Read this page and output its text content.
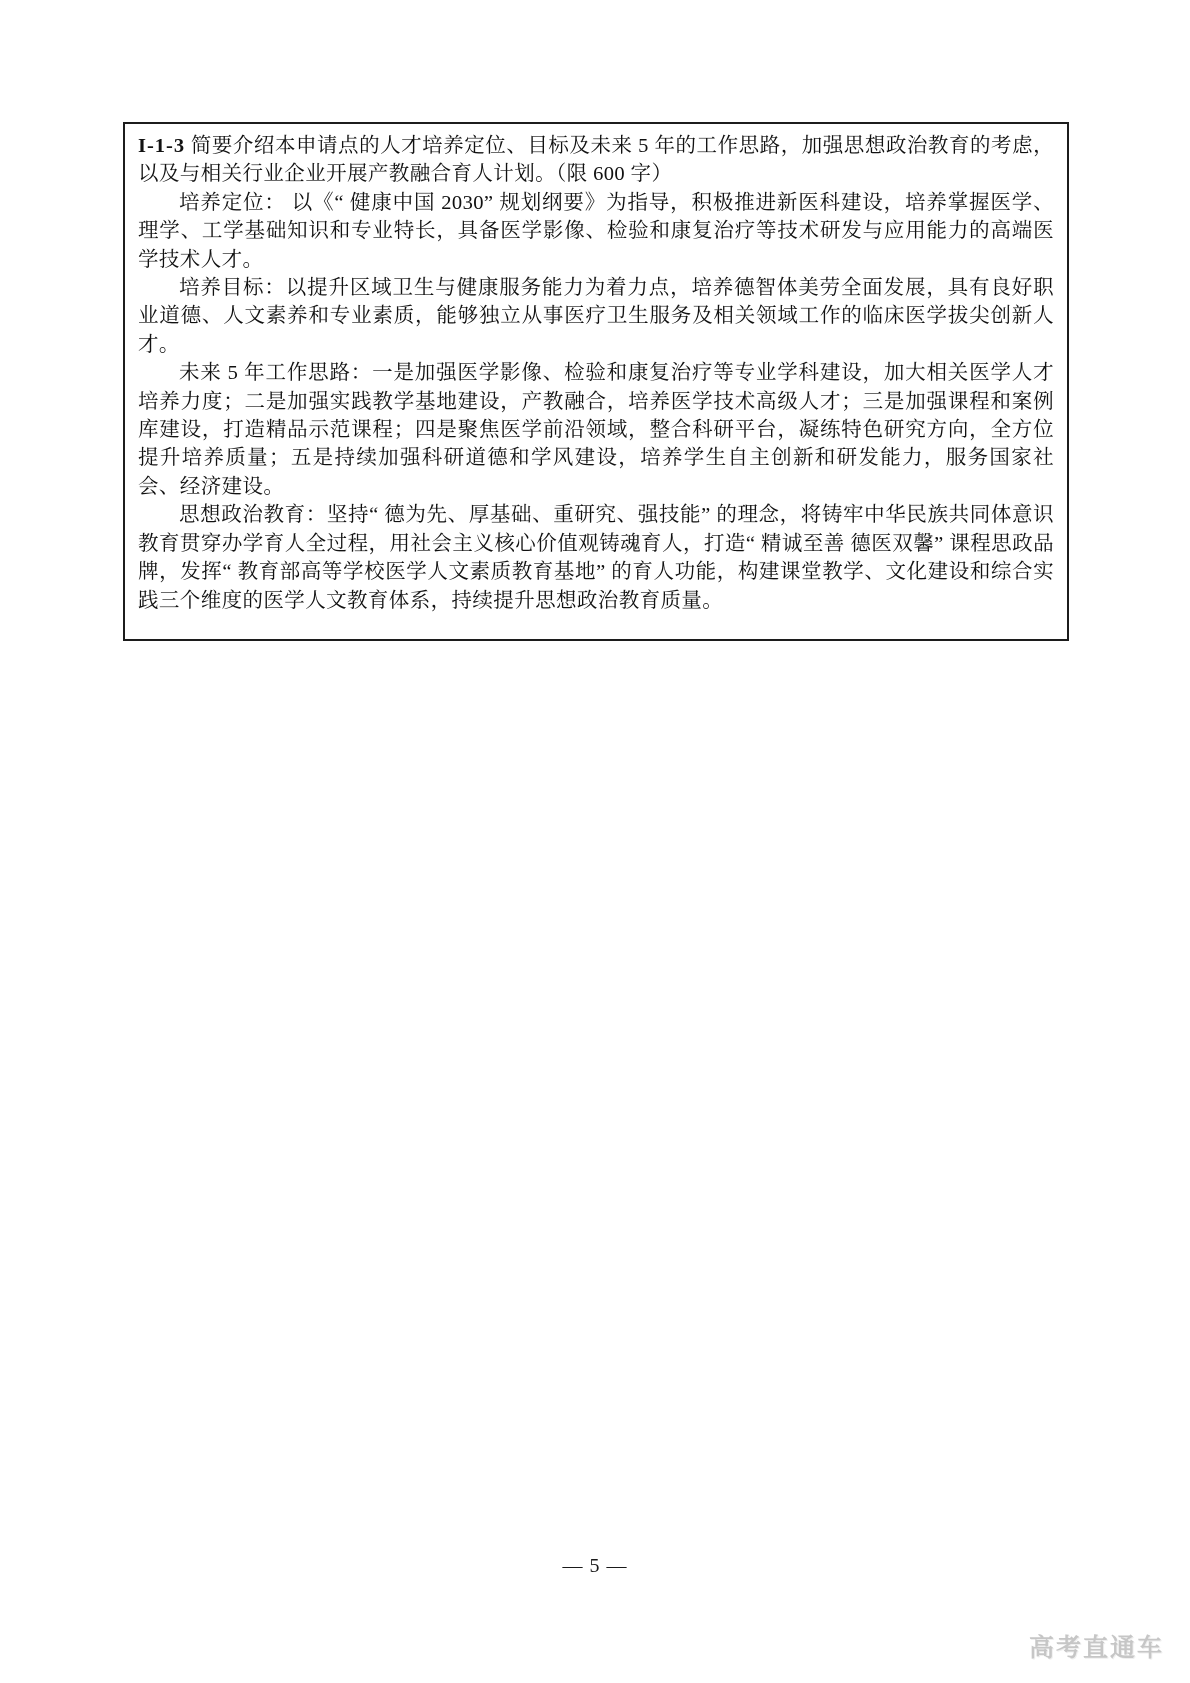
I-1-3 简要介绍本申请点的人才培养定位、目标及未来 5 年的工作思路，加强思想政治教育的考虑，以及与相关行业企业开展产教融合育人计划。（限 600 字）

培养定位： 以《“ 健康中国 2030” 规划纲要》为指导，积极推进新医科建设，培养掌握医学、理学、工学基础知识和专业特长，具备医学影像、检验和康复治疗等技术研发与应用能力的高端医学技术人才。

培养目标：以提升区域卫生与健康服务能力为着力点，培养德智体美劳全面发展，具有良好职业道德、人文素养和专业素质，能够独立从事医疗卫生服务及相关领域工作的临床医学拔尖创新人才。

未来 5 年工作思路：一是加强医学影像、检验和康复治疗等专业学科建设，加大相关医学人才培养力度；二是加强实践教学基地建设，产教融合，培养医学技术高级人才；三是加强课程和案例库建设，打造精品示范课程；四是聚焦医学前沿领域，整合科研平台，凝练特色研究方向，全方位提升培养质量；五是持续加强科研道德和学风建设，培养学生自主创新和研发能力，服务国家社会、经济建设。

思想政治教育：坚持“ 德为先、厚基础、重研究、强技能” 的理念，将铸牢中华民族共同体意识教育贯穿办学育人全过程，用社会主义核心价值观铸魂育人，打造“ 精诚至善 德医双馨” 课程思政品牌，发挥“ 教育部高等学校医学人文素质教育基地” 的育人功能，构建课堂教学、文化建设和综合实践三个维度的医学人文教育体系，持续提升思想政治教育质量。

— 5 —
高考直通车
